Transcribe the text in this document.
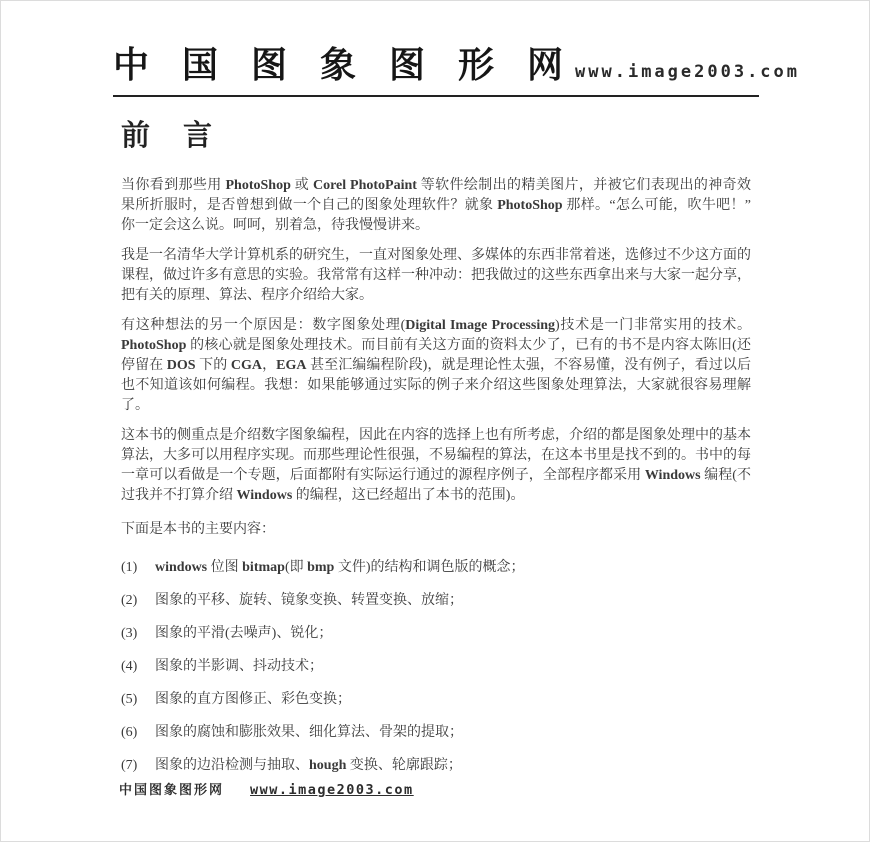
中 国 图 象 图 形 网 www.image2003.com
前　言

当你看到那些用 PhotoShop 或 Corel PhotoPaint 等软件绘制出的精美图片，并被它们表现出的神奇效果所折服时，是否曾想到做一个自己的图象处理软件？就象 PhotoShop 那样。“怎么可能，吹牛吧！”你一定会这么说。呵呵，别着急，待我慢慢讲来。

我是一名清华大学计算机系的研究生，一直对图象处理、多媒体的东西非常着迷，选修过不少这方面的课程，做过许多有意思的实验。我常常有这样一种冲动：把我做过的这些东西拿出来与大家一起分享，把有关的原理、算法、程序介绍给大家。

有这种想法的另一个原因是：数字图象处理(Digital Image Processing)技术是一门非常实用的技术。PhotoShop 的核心就是图象处理技术。而目前有关这方面的资料太少了，已有的书不是内容太陈旧(还停留在 DOS 下的 CGA，EGA 甚至汇编编程阶段)，就是理论性太强，不容易懂，没有例子，看过以后也不知道该如何编程。我想：如果能够通过实际的例子来介绍这些图象处理算法，大家就很容易理解了。

这本书的侧重点是介绍数字图象编程，因此在内容的选择上也有所考虑，介绍的都是图象处理中的基本算法，大多可以用程序实现。而那些理论性很强，不易编程的算法，在这本书里是找不到的。书中的每一章可以看做是一个专题，后面都附有实际运行通过的源程序例子，全部程序都采用 Windows 编程(不过我并不打算介绍 Windows 的编程，这已经超出了本书的范围)。

下面是本书的主要内容：

(1)	windows 位图 bitmap(即 bmp 文件)的结构和调色版的概念；
(2)	图象的平移、旋转、镜象变换、转置变换、放缩；
(3)	图象的平滑(去噪声)、锐化；
(4)	图象的半影调、抖动技术；
(5)	图象的直方图修正、彩色变换；
(6)	图象的腐蚀和膨胀效果、细化算法、骨架的提取；
(7)	图象的边沿检测与抽取、hough 变换、轮廓跟踪；
中国图象图形网 www.image2003.com
